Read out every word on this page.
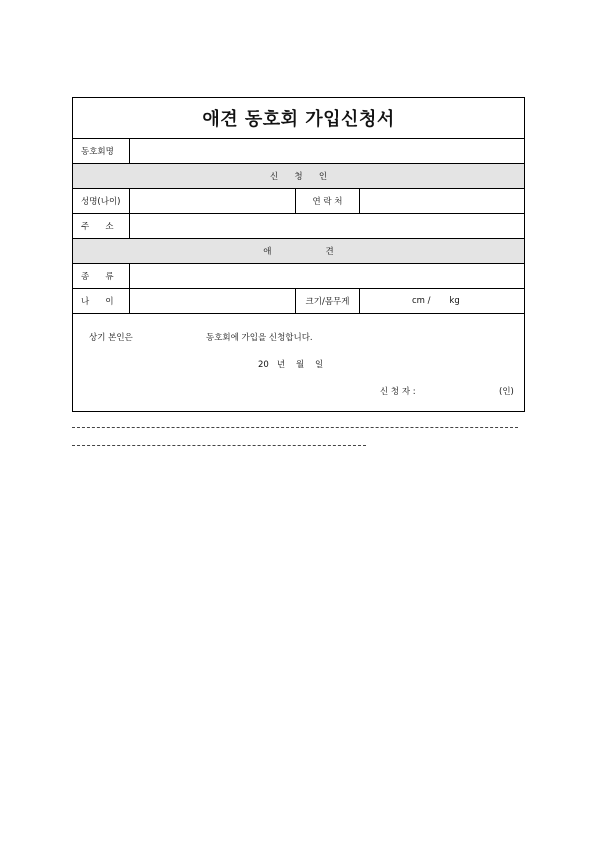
애견 동호회 가입신청서			
동호회명			
신      청      인			
성명(나이)		연 락 처	
주      소			
애                    견			
종      류			
나      이		크기/몸무게	cm /       kg

상기 본인은 동호회에 가입을 신청합니다.
20   년    월    일
신 청 자 : (인)			
